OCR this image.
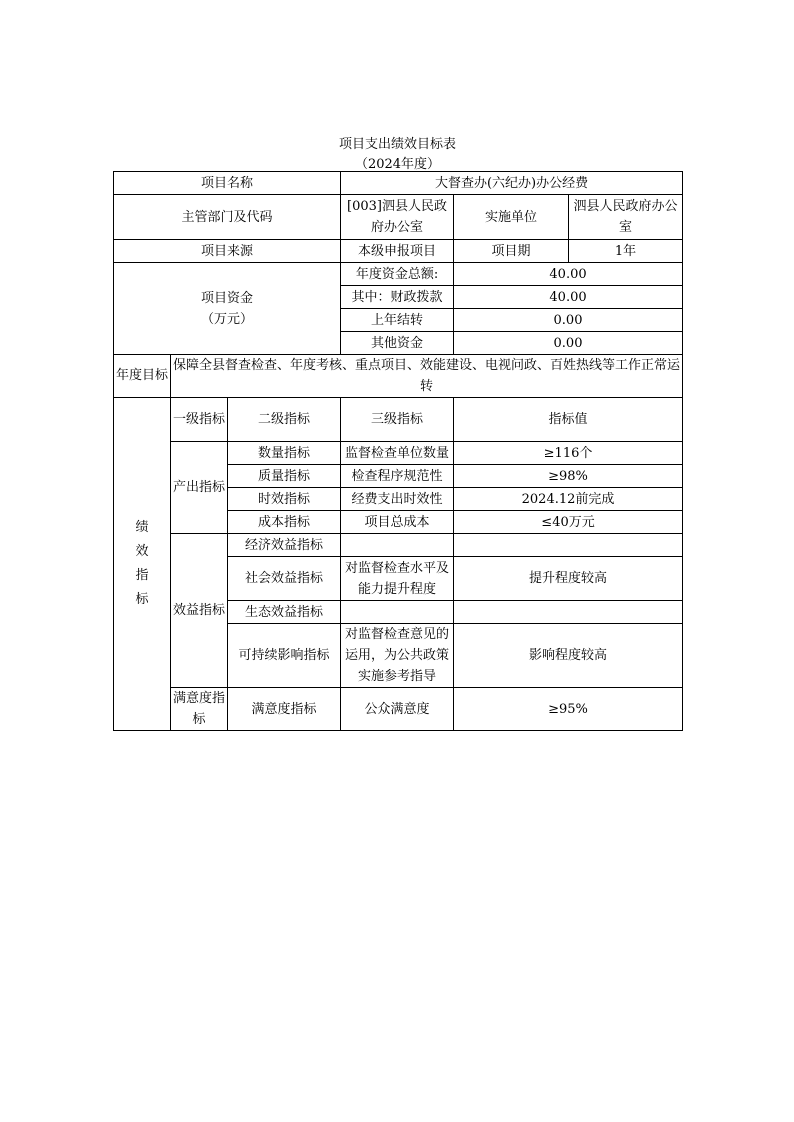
项目支出绩效目标表
（2024年度）
项目名称			大督查办(六纪办)办公经费		
主管部门及代码			[003]泗县人民政府办公室	实施单位	泗县人民政府办公室
项目来源			本级申报项目	项目期	1年

项目资金
（万元）			年度资金总额:	40.00	
			其中：财政拨款	40.00	
			上年结转	0.00	
			其他资金	0.00	
年度目标	保障全县督查检查、年度考核、重点项目、效能建设、电视问政、百姓热线等工作正常运转				

绩效指标	一级指标	二级指标	三级指标	指标值	
	产出指标	数量指标	监督检查单位数量	≥116个	
		质量指标	检查程序规范性	≥98%	
		时效指标	经费支出时效性	2024.12前完成	
		成本指标	项目总成本	≤40万元	
	效益指标	经济效益指标			
		社会效益指标	对监督检查水平及能力提升程度	提升程度较高	
		生态效益指标			
		可持续影响指标	对监督检查意见的运用，为公共政策实施参考指导	影响程度较高	
	满意度指标	满意度指标	公众满意度	≥95%	
